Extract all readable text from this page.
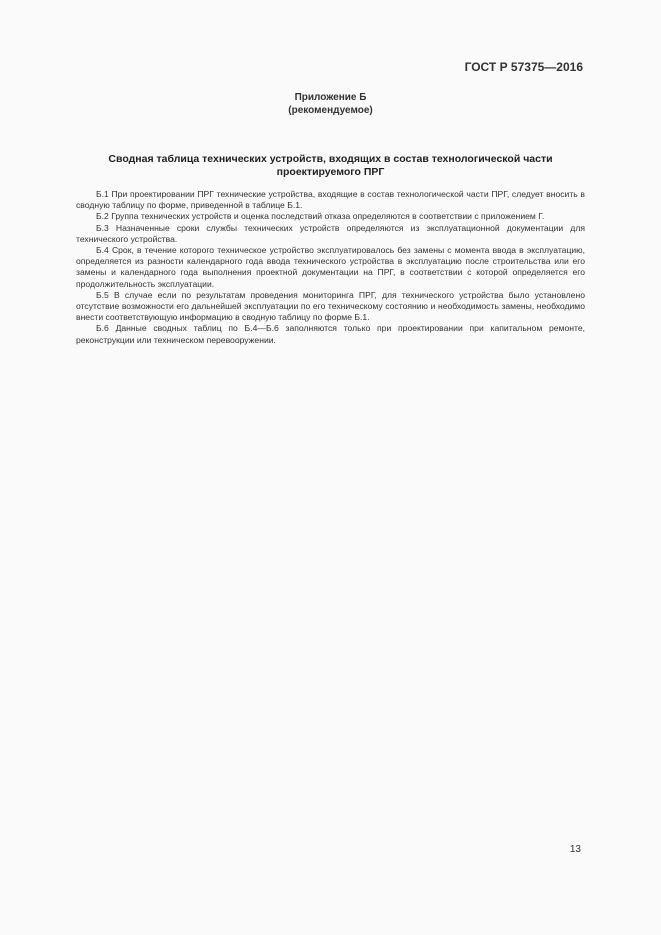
ГОСТ Р 57375—2016
Приложение Б
(рекомендуемое)
Сводная таблица технических устройств, входящих в состав технологической части
проектируемого ПРГ

Б.1 При проектировании ПРГ технические устройства, входящие в состав технологической части ПРГ, следует вносить в сводную таблицу по форме, приведенной в таблице Б.1.

Б.2 Группа технических устройств и оценка последствий отказа определяются в соответствии с приложением Г.

Б.3 Назначенные сроки службы технических устройств определяются из эксплуатационной документации для технического устройства.

Б.4 Срок, в течение которого техническое устройство эксплуатировалось без замены с момента ввода в эксплуатацию, определяется из разности календарного года ввода технического устройства в эксплуатацию после строительства или его замены и календарного года выполнения проектной документации на ПРГ, в соответствии с которой определяется его продолжительность эксплуатации.

Б.5 В случае если по результатам проведения мониторинга ПРГ, для технического устройства было установлено отсутствие возможности его дальнейшей эксплуатации по его техническому состоянию и необходимость замены, необходимо внести соответствующую информацию в сводную таблицу по форме Б.1.

Б.6 Данные сводных таблиц по Б.4—Б.6 заполняются только при проектировании при капитальном ремонте, реконструкции или техническом перевооружении.

13
